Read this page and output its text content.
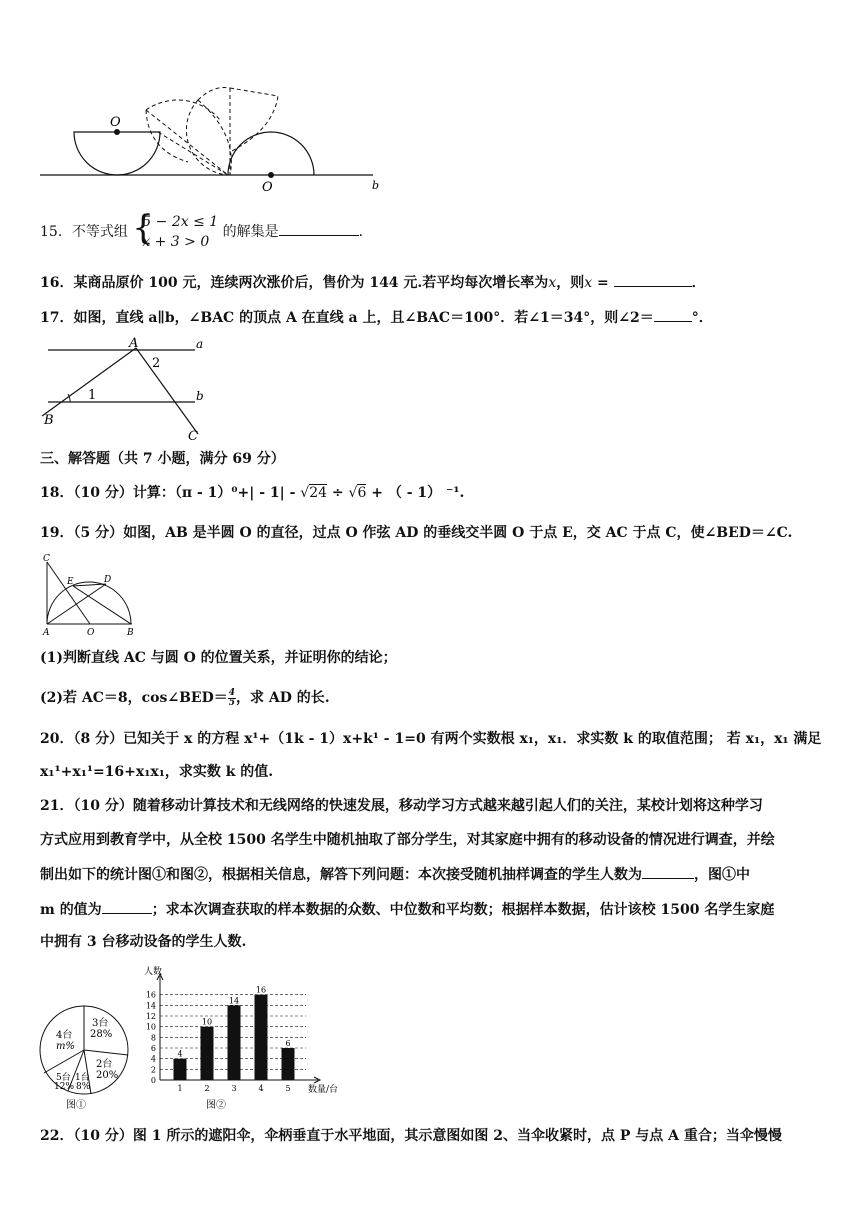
O
O	b
15．不等式组 {
5 − 2x ≤ 1
x + 3 > 0
的解集是	．
16．某商品原价 100 元，连续两次涨价后，售价为 144 元.若平均每次增长率为x，则x =	．
17．如图，直线 a∥b，∠BAC 的顶点 A 在直线 a 上，且∠BAC＝100°．若∠1＝34°，则∠2＝	°．
A
2
a
1	b
B
C
三、解答题（共 7 小题，满分 69 分）
18．（10 分）计算：（π - 1）⁰+| - 1| - √24 ÷ √6 + （ - 1） ⁻¹.
19．（5 分）如图，AB 是半圆 O 的直径，过点 O 作弦 AD 的垂线交半圆 O 于点 E，交 AC 于点 C，使∠BED＝∠C.
C
E	D
A	O	B
(1)判断直线 AC 与圆 O 的位置关系，并证明你的结论；
(2)若 AC＝8，cos∠BED＝ $\frac{4}{5}$ ，求 AD 的长.
20．（8 分）已知关于 x 的方程 x¹+（1k - 1）x+k¹ - 1=0 有两个实数根 x₁，x₁．求实数 k 的取值范围； 若 x₁，x₁ 满足
x₁¹+x₁¹=16+x₁x₁，求实数 k 的值.
21．（10 分）随着移动计算技术和无线网络的快速发展，移动学习方式越来越引起人们的关注，某校计划将这种学习
方式应用到教育学中，从全校 1500 名学生中随机抽取了部分学生，对其家庭中拥有的移动设备的情况进行调查，并绘
制出如下的统计图①和图②，根据相关信息，解答下列问题：本次接受随机抽样调查的学生人数为	，图①中
m 的值为	；求本次调查获取的样本数据的众数、中位数和平均数；根据样本数据，估计该校 1500 名学生家庭
中拥有 3 台移动设备的学生人数.
3台
28%
2台
20%
1台
8%
5台
12%
4台
m%
图①
0
2
4
6
8
10
12
14
16
4
1
10
2
14
3
16
4
6
5
人数
数量/台
图②
22．（10 分）图 1 所示的遮阳伞，伞柄垂直于水平地面，其示意图如图 2、当伞收紧时，点 P 与点 A 重合；当伞慢慢
